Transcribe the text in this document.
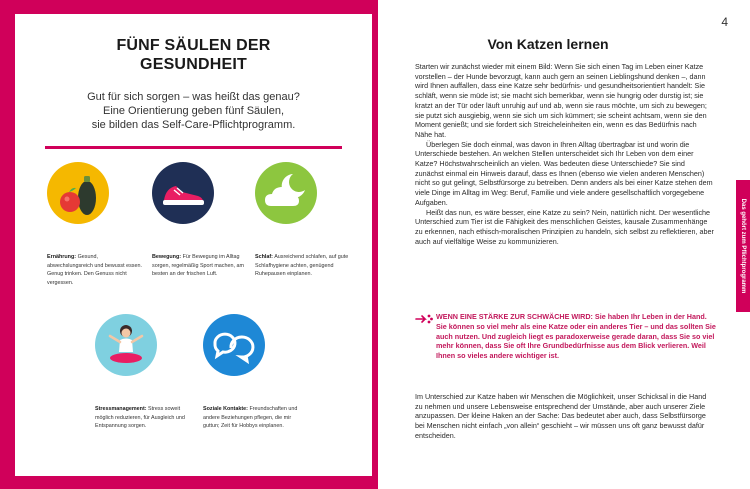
FÜNF SÄULEN DER
GESUNDHEIT
Gut für sich sorgen – was heißt das genau?
Eine Orientierung geben fünf Säulen,
sie bilden das Self-Care-Pflichtprogramm.
Ernährung: Gesund, abwechslungsreich und bewusst essen. Genug trinken. Den Genuss nicht vergessen.
Bewegung: Für Bewegung im Alltag sorgen, regelmäßig Sport machen, am besten an der frischen Luft.
Schlaf: Ausreichend schlafen, auf gute Schlafhygiene achten, genügend Ruhepausen einplanen.
Stressmanagement: Stress soweit möglich reduzieren, für Ausgleich und Entspannung sorgen.
Soziale Kontakte: Freundschaften und andere Beziehungen pflegen, die mir guttun; Zeit für Hobbys einplanen.
4
Von Katzen lernen

Starten wir zunächst wieder mit einem Bild: Wenn Sie sich einen Tag im Leben einer Katze vorstellen – der Hunde bevorzugt, kann auch gern an seinen Lieblingshund denken –, dann wird Ihnen auffallen, dass eine Katze sehr bedürfnis- und gesundheitsorientiert handelt: Sie schläft, wenn sie müde ist; sie macht sich bemerkbar, wenn sie hungrig oder durstig ist; sie kratzt an der Tür oder läuft unruhig auf und ab, wenn sie raus möchte, um sich zu bewegen; sie putzt sich ausgiebig, wenn sie sich um sich kümmert; sie scheint achtsam, wenn sie den Moment genießt; und sie fordert sich Streicheleinheiten ein, wenn es das Bedürfnis nach Nähe hat.

Überlegen Sie doch einmal, was davon in Ihren Alltag übertragbar ist und worin die Unterschiede bestehen. An welchen Stellen unterscheidet sich Ihr Leben von dem einer Katze? Höchstwahrscheinlich an vielen. Was bedeuten diese Unterschiede? Sie sind zunächst einmal ein Hinweis darauf, dass es Ihnen (ebenso wie vielen anderen Menschen) nicht so gut gelingt, Selbstfürsorge zu betreiben. Denn anders als bei einer Katze stehen dem viele Dinge im Alltag im Weg: Beruf, Familie und viele andere gesellschaftlich vorgegebene Aufgaben.

Heißt das nun, es wäre besser, eine Katze zu sein? Nein, natürlich nicht. Der wesentliche Unterschied zum Tier ist die Fähigkeit des menschlichen Geistes, kausale Zusammenhänge zu erkennen, nach ethisch-moralischen Prinzipien zu handeln, sich selbst zu reflektieren, aber auch auf vielfältige Weise zu kommunizieren.

WENN EINE STÄRKE ZUR SCHWÄCHE WIRD: Sie haben Ihr Leben in der Hand. Sie können so viel mehr als eine Katze oder ein anderes Tier – und das sollten Sie auch nutzen. Und zugleich liegt es paradoxerweise gerade daran, dass Sie so viel mehr können, dass Sie oft Ihre Grundbedürfnisse aus dem Blick verlieren. Weil Ihnen so vieles andere wichtiger ist.
Im Unterschied zur Katze haben wir Menschen die Möglichkeit, unser Schicksal in die Hand zu nehmen und unsere Lebensweise entsprechend der Umstände, aber auch unserer Ziele anzupassen. Der kleine Haken an der Sache: Das bedeutet aber auch, dass Selbstfürsorge bei Menschen nicht einfach „von allein“ geschieht – wir müssen uns oft ganz bewusst dafür entscheiden.
Das gehört zum Pflichtprogramm
